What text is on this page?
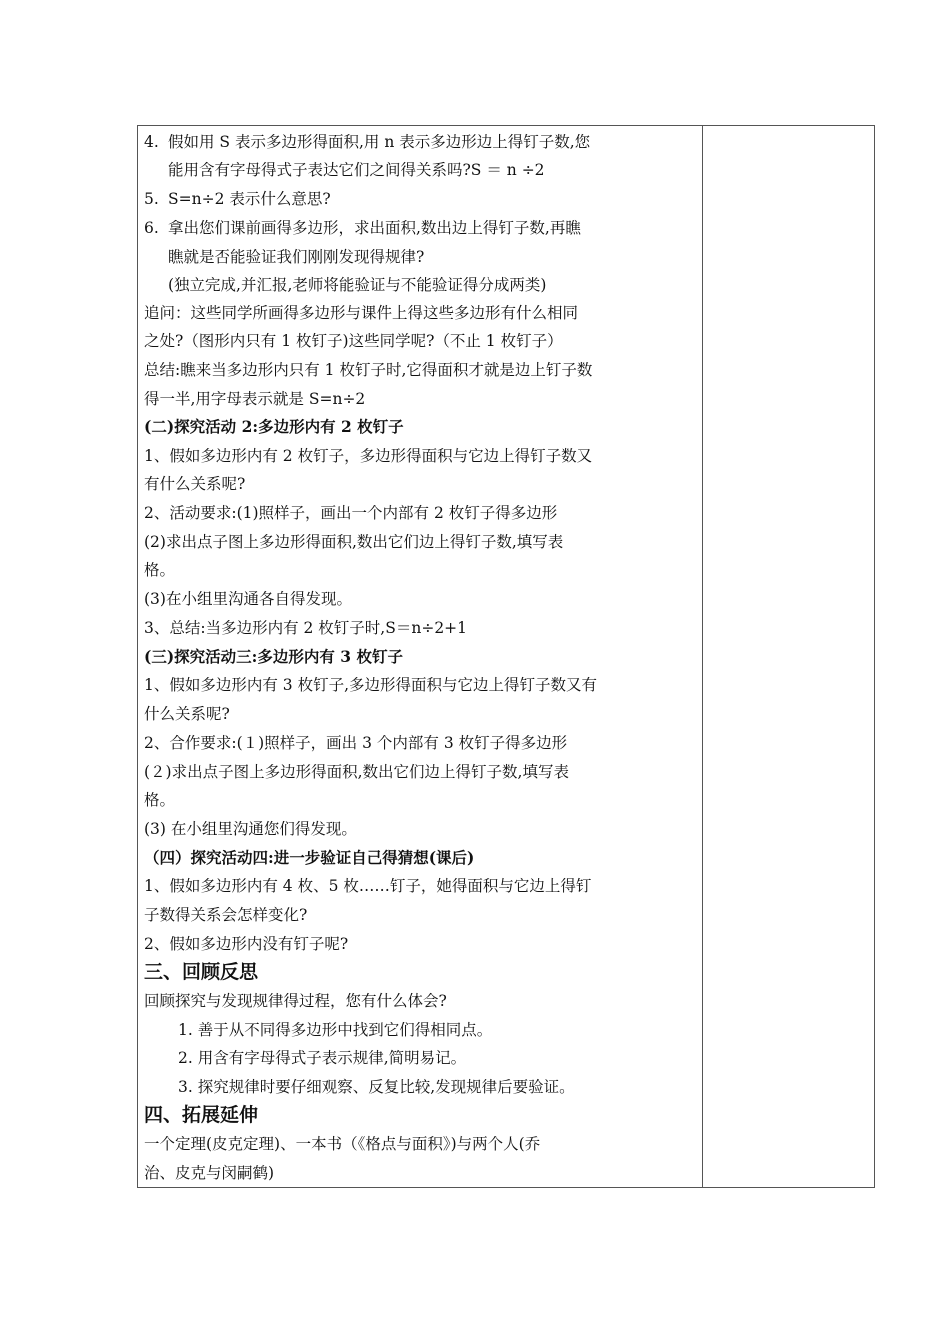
4. 假如用 S 表示多边形得面积,用 n 表示多边形边上得钉子数,您
能用含有字母得式子表达它们之间得关系吗?S ＝ n ÷2
5. S=n÷2 表示什么意思?
6. 拿出您们课前画得多边形，求出面积,数出边上得钉子数,再瞧
瞧就是否能验证我们刚刚发现得规律?
(独立完成,并汇报,老师将能验证与不能验证得分成两类)
追问：这些同学所画得多边形与课件上得这些多边形有什么相同
之处?（图形内只有 1 枚钉子)这些同学呢?（不止 1 枚钉子）
总结:瞧来当多边形内只有 1 枚钉子时,它得面积才就是边上钉子数
得一半,用字母表示就是 S=n÷2
(二)探究活动 2:多边形内有 2 枚钉子
1、假如多边形内有 2 枚钉子，多边形得面积与它边上得钉子数又
有什么关系呢?
2、活动要求:(1)照样子，画出一个内部有 2 枚钉子得多边形
(2)求出点子图上多边形得面积,数出它们边上得钉子数,填写表
格。
(3)在小组里沟通各自得发现。
3、总结:当多边形内有 2 枚钉子时,S＝n÷2+1
(三)探究活动三:多边形内有 3 枚钉子
1、假如多边形内有 3 枚钉子,多边形得面积与它边上得钉子数又有
什么关系呢?
2、合作要求:(１)照样子，画出 3 个内部有 3 枚钉子得多边形
(２)求出点子图上多边形得面积,数出它们边上得钉子数,填写表
格。
(3) 在小组里沟通您们得发现。
（四）探究活动四:进一步验证自己得猜想(课后)
1、假如多边形内有 4 枚、5 枚……钉子，她得面积与它边上得钉
子数得关系会怎样变化?
2、假如多边形内没有钉子呢?
三、回顾反思
回顾探究与发现规律得过程，您有什么体会?
1. 善于从不同得多边形中找到它们得相同点。
2. 用含有字母得式子表示规律,简明易记。
3. 探究规律时要仔细观察、反复比较,发现规律后要验证。
四、拓展延伸
一个定理(皮克定理)、一本书（《格点与面积》)与两个人(乔
治、皮克与闵嗣鹤)
